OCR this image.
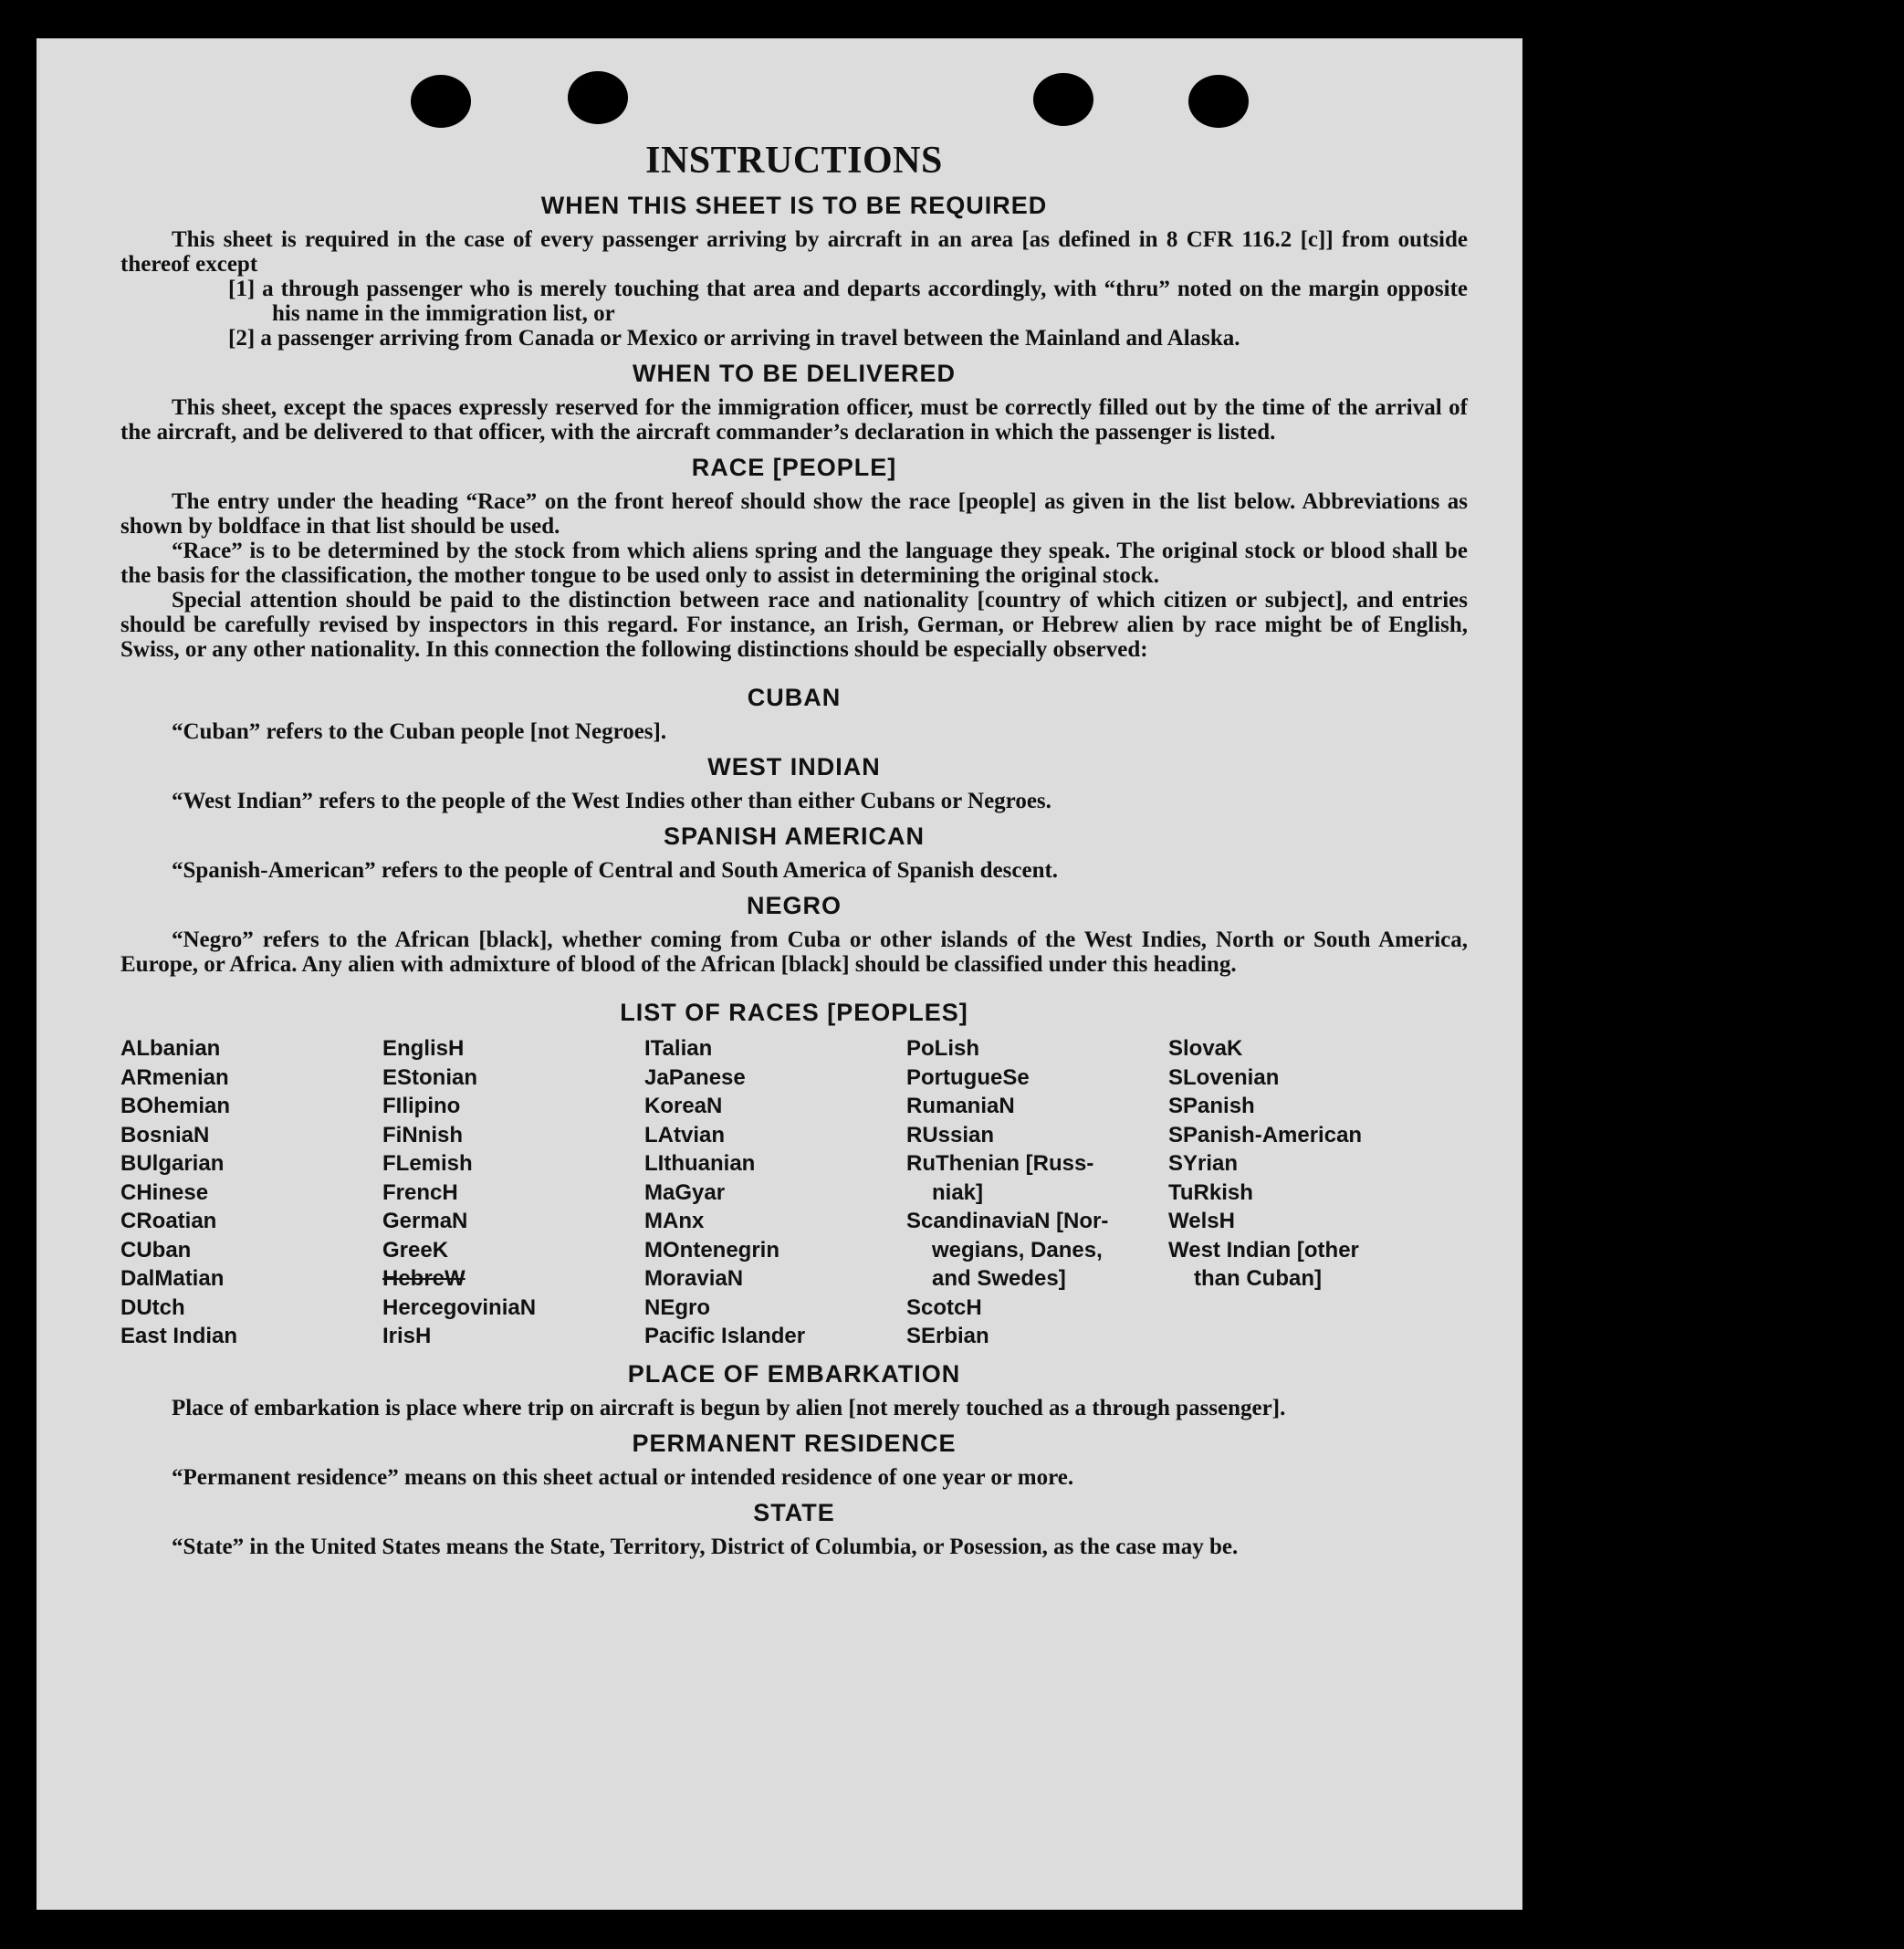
INSTRUCTIONS
WHEN THIS SHEET IS TO BE REQUIRED

This sheet is required in the case of every passenger arriving by aircraft in an area [as defined in 8 CFR 116.2 [c]] from outside thereof except

[1] a through passenger who is merely touching that area and departs accordingly, with “thru” noted on the margin opposite his name in the immigration list, or
[2] a passenger arriving from Canada or Mexico or arriving in travel between the Mainland and Alaska.
WHEN TO BE DELIVERED

This sheet, except the spaces expressly reserved for the immigration officer, must be correctly filled out by the time of the arrival of the aircraft, and be delivered to that officer, with the aircraft commander’s declaration in which the passenger is listed.

RACE [PEOPLE]

The entry under the heading “Race” on the front hereof should show the race [people] as given in the list below. Abbreviations as shown by boldface in that list should be used.

“Race” is to be determined by the stock from which aliens spring and the language they speak. The original stock or blood shall be the basis for the classification, the mother tongue to be used only to assist in determining the original stock.

Special attention should be paid to the distinction between race and nationality [country of which citizen or subject], and entries should be carefully revised by inspectors in this regard. For instance, an Irish, German, or Hebrew alien by race might be of English, Swiss, or any other nationality. In this connection the following distinctions should be especially observed:

CUBAN

“Cuban” refers to the Cuban people [not Negroes].

WEST INDIAN

“West Indian” refers to the people of the West Indies other than either Cubans or Negroes.

SPANISH AMERICAN

“Spanish-American” refers to the people of Central and South America of Spanish descent.

NEGRO

“Negro” refers to the African [black], whether coming from Cuba or other islands of the West Indies, North or South America, Europe, or Africa. Any alien with admixture of blood of the African [black] should be classified under this heading.

LIST OF RACES [PEOPLES]
ALbanian
ARmenian
BOhemian
BosniaN
BUlgarian
CHinese
CRoatian
CUban
DalMatian
DUtch
East Indian
EnglisH
EStonian
FIlipino
FiNnish
FLemish
FrencH
GermaN
GreeK
HebreW
HercegoviniaN
IrisH
ITalian
JaPanese
KoreaN
LAtvian
LIthuanian
MaGyar
MAnx
MOntenegrin
MoraviaN
NEgro
Pacific Islander
PoLish
PortugueSe
RumaniaN
RUssian
RuThenian [Russ-
niak]
ScandinaviaN [Nor-
wegians, Danes,
and Swedes]
ScotcH
SErbian
SlovaK
SLovenian
SPanish
SPanish-American
SYrian
TuRkish
WelsH
West Indian [other
than Cuban]
PLACE OF EMBARKATION

Place of embarkation is place where trip on aircraft is begun by alien [not merely touched as a through passenger].

PERMANENT RESIDENCE

“Permanent residence” means on this sheet actual or intended residence of one year or more.

STATE

“State” in the United States means the State, Territory, District of Columbia, or Posession, as the case may be.
